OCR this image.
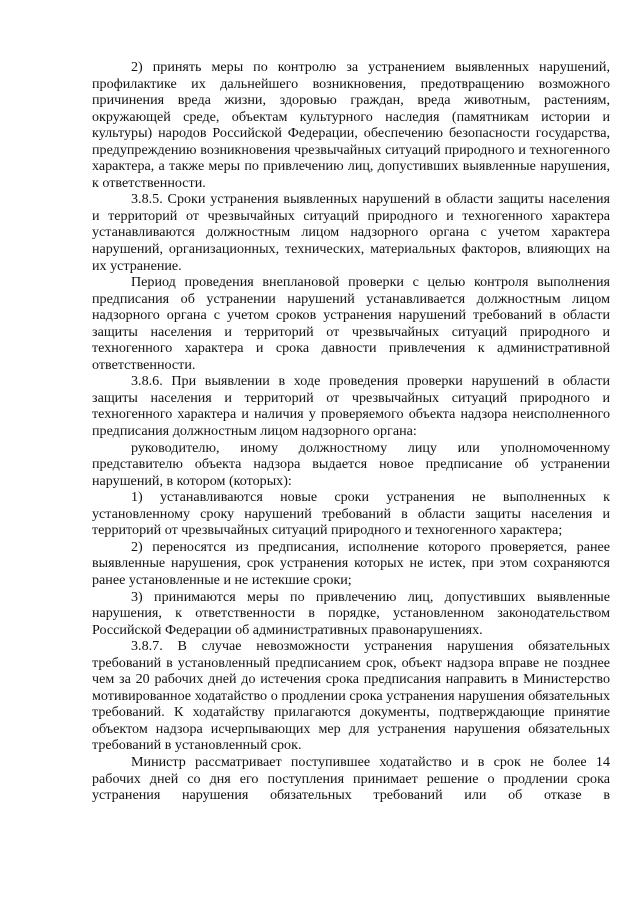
2) принять меры по контролю за устранением выявленных нарушений, профилактике их дальнейшего возникновения, предотвращению возможного причинения вреда жизни, здоровью граждан, вреда животным, растениям, окружающей среде, объектам культурного наследия (памятникам истории и культуры) народов Российской Федерации, обеспечению безопасности государства, предупреждению возникновения чрезвычайных ситуаций природного и техногенного характера, а также меры по привлечению лиц, допустивших выявленные нарушения, к ответственности.

3.8.5. Сроки устранения выявленных нарушений в области защиты населения и территорий от чрезвычайных ситуаций природного и техногенного характера устанавливаются должностным лицом надзорного органа с учетом характера нарушений, организационных, технических, материальных факторов, влияющих на их устранение.

Период проведения внеплановой проверки с целью контроля выполнения предписания об устранении нарушений устанавливается должностным лицом надзорного органа с учетом сроков устранения нарушений требований в области защиты населения и территорий от чрезвычайных ситуаций природного и техногенного характера и срока давности привлечения к административной ответственности.

3.8.6. При выявлении в ходе проведения проверки нарушений в области защиты населения и территорий от чрезвычайных ситуаций природного и техногенного характера и наличия у проверяемого объекта надзора неисполненного предписания должностным лицом надзорного органа:

руководителю, иному должностному лицу или уполномоченному представителю объекта надзора выдается новое предписание об устранении нарушений, в котором (которых):

1) устанавливаются новые сроки устранения не выполненных к установленному сроку нарушений требований в области защиты населения и территорий от чрезвычайных ситуаций природного и техногенного характера;

2) переносятся из предписания, исполнение которого проверяется, ранее выявленные нарушения, срок устранения которых не истек, при этом сохраняются ранее установленные и не истекшие сроки;

3) принимаются меры по привлечению лиц, допустивших выявленные нарушения, к ответственности в порядке, установленном законодательством Российской Федерации об административных правонарушениях.

3.8.7. В случае невозможности устранения нарушения обязательных требований в установленный предписанием срок, объект надзора вправе не позднее чем за 20 рабочих дней до истечения срока предписания направить в Министерство мотивированное ходатайство о продлении срока устранения нарушения обязательных требований. К ходатайству прилагаются документы, подтверждающие принятие объектом надзора исчерпывающих мер для устранения нарушения обязательных требований в установленный срок.

Министр рассматривает поступившее ходатайство и в срок не более 14 рабочих дней со дня его поступления принимает решение о продлении срока устранения нарушения обязательных требований или об отказе в
